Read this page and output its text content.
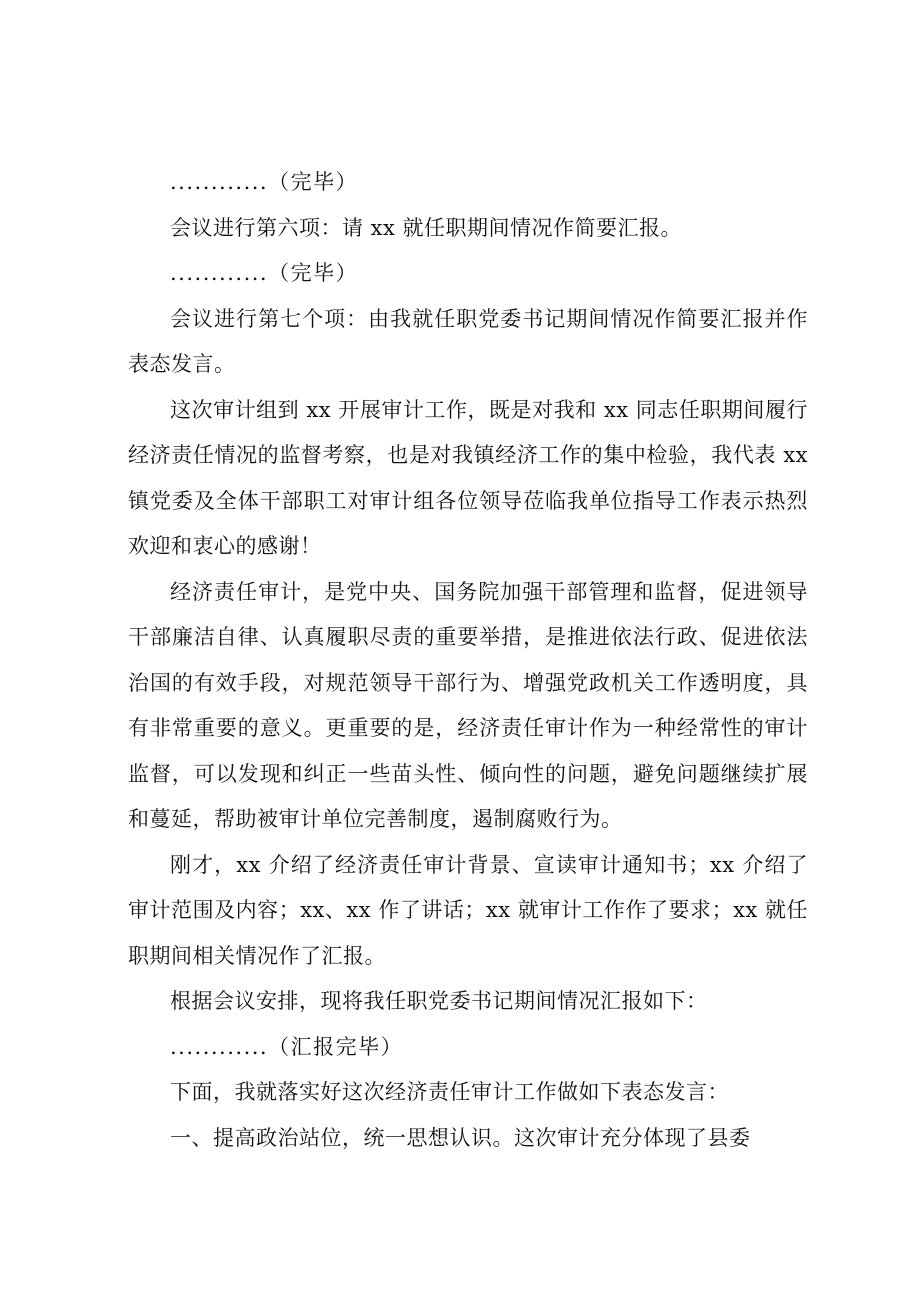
............（完毕）

会议进行第六项：请 xx 就任职期间情况作简要汇报。

............（完毕）

会议进行第七个项：由我就任职党委书记期间情况作简要汇报并作表态发言。

这次审计组到 xx 开展审计工作，既是对我和 xx 同志任职期间履行经济责任情况的监督考察，也是对我镇经济工作的集中检验，我代表 xx 镇党委及全体干部职工对审计组各位领导莅临我单位指导工作表示热烈欢迎和衷心的感谢！

经济责任审计，是党中央、国务院加强干部管理和监督，促进领导干部廉洁自律、认真履职尽责的重要举措，是推进依法行政、促进依法治国的有效手段，对规范领导干部行为、增强党政机关工作透明度，具有非常重要的意义。更重要的是，经济责任审计作为一种经常性的审计监督，可以发现和纠正一些苗头性、倾向性的问题，避免问题继续扩展和蔓延，帮助被审计单位完善制度，遏制腐败行为。

刚才，xx 介绍了经济责任审计背景、宣读审计通知书；xx 介绍了审计范围及内容；xx、xx 作了讲话；xx 就审计工作作了要求；xx 就任职期间相关情况作了汇报。

根据会议安排，现将我任职党委书记期间情况汇报如下：

............（汇报完毕）

下面，我就落实好这次经济责任审计工作做如下表态发言：

一、提高政治站位，统一思想认识。这次审计充分体现了县委
